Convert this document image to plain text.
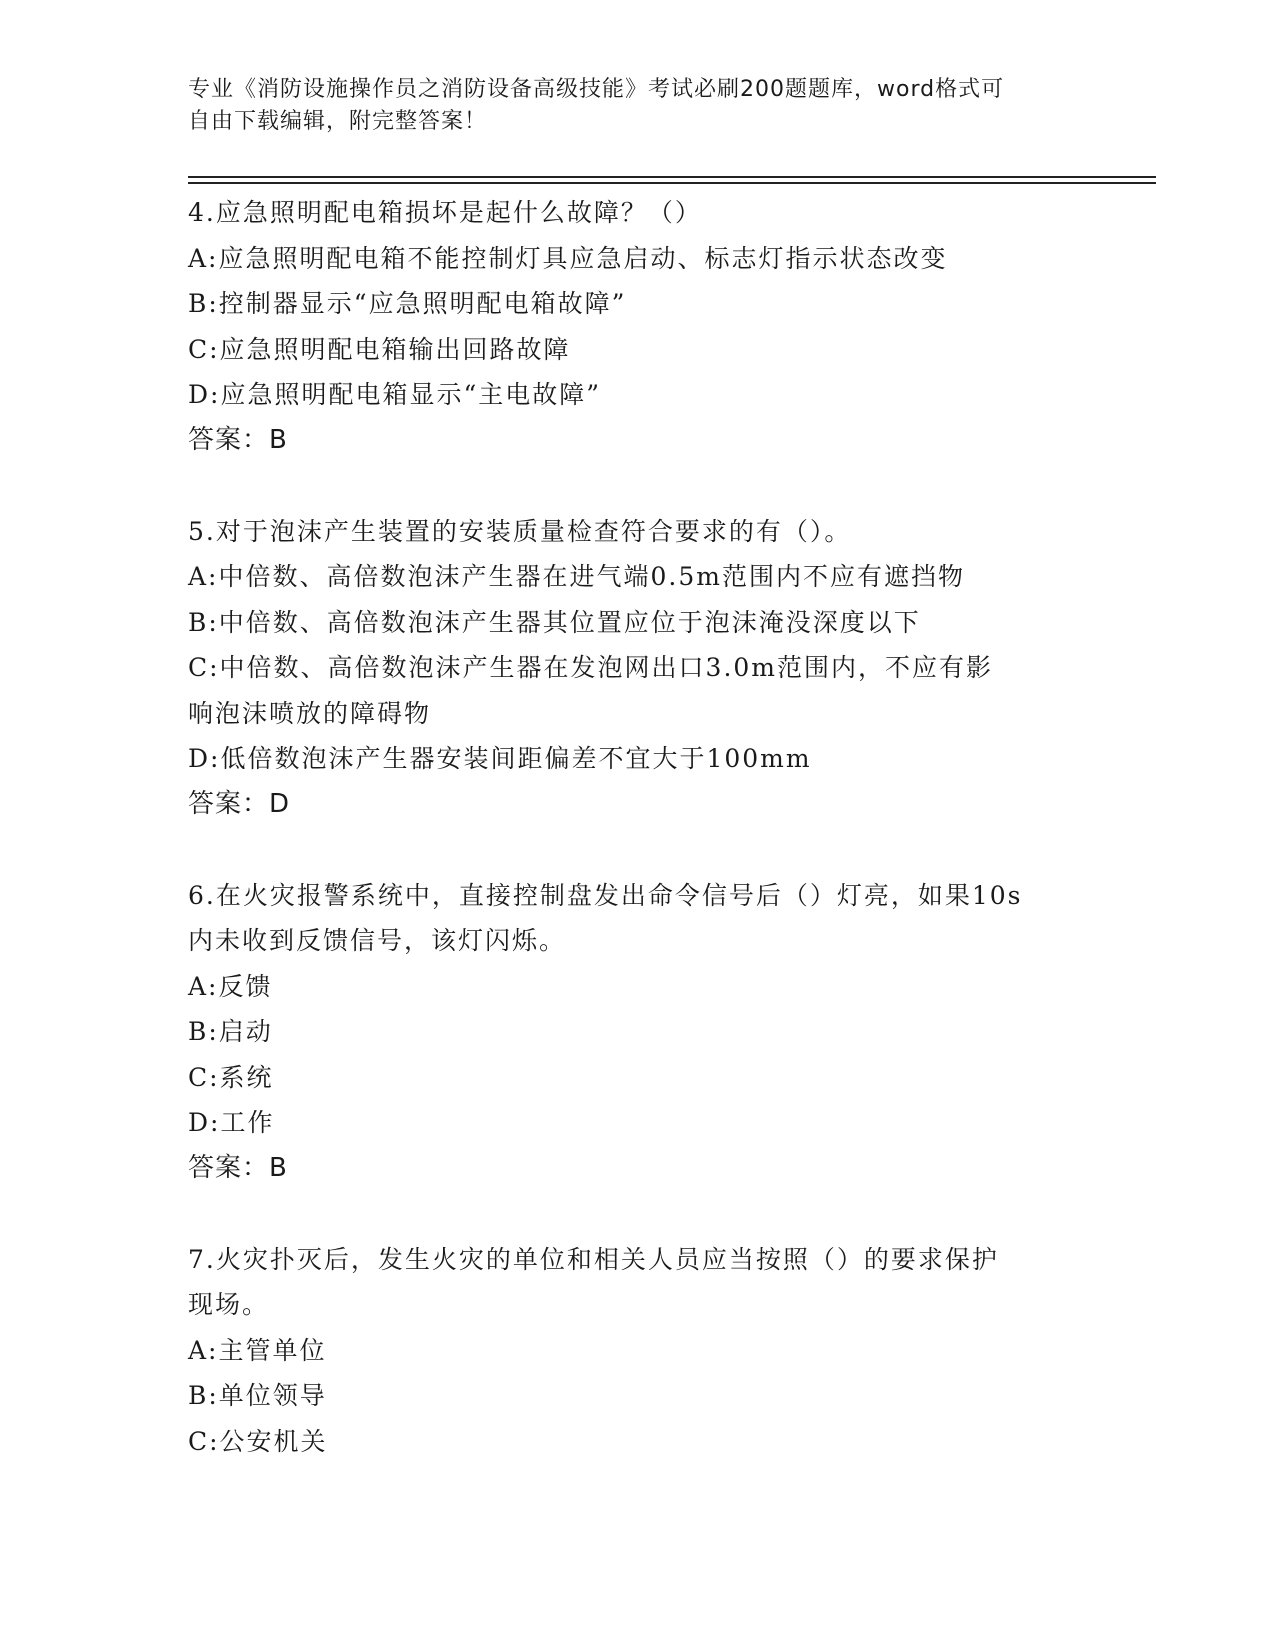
专业《消防设施操作员之消防设备高级技能》考试必刷200题题库，word格式可
自由下载编辑，附完整答案！
4.应急照明配电箱损坏是起什么故障？（）
A:应急照明配电箱不能控制灯具应急启动、标志灯指示状态改变
B:控制器显示“应急照明配电箱故障”
C:应急照明配电箱输出回路故障
D:应急照明配电箱显示“主电故障”
答案：B
5.对于泡沫产生装置的安装质量检查符合要求的有（）。
A:中倍数、高倍数泡沫产生器在进气端0.5m范围内不应有遮挡物
B:中倍数、高倍数泡沫产生器其位置应位于泡沫淹没深度以下
C:中倍数、高倍数泡沫产生器在发泡网出口3.0m范围内，不应有影
响泡沫喷放的障碍物
D:低倍数泡沫产生器安装间距偏差不宜大于100mm
答案：D
6.在火灾报警系统中，直接控制盘发出命令信号后（）灯亮，如果10s
内未收到反馈信号，该灯闪烁。
A:反馈
B:启动
C:系统
D:工作
答案：B
7.火灾扑灭后，发生火灾的单位和相关人员应当按照（）的要求保护
现场。
A:主管单位
B:单位领导
C:公安机关
